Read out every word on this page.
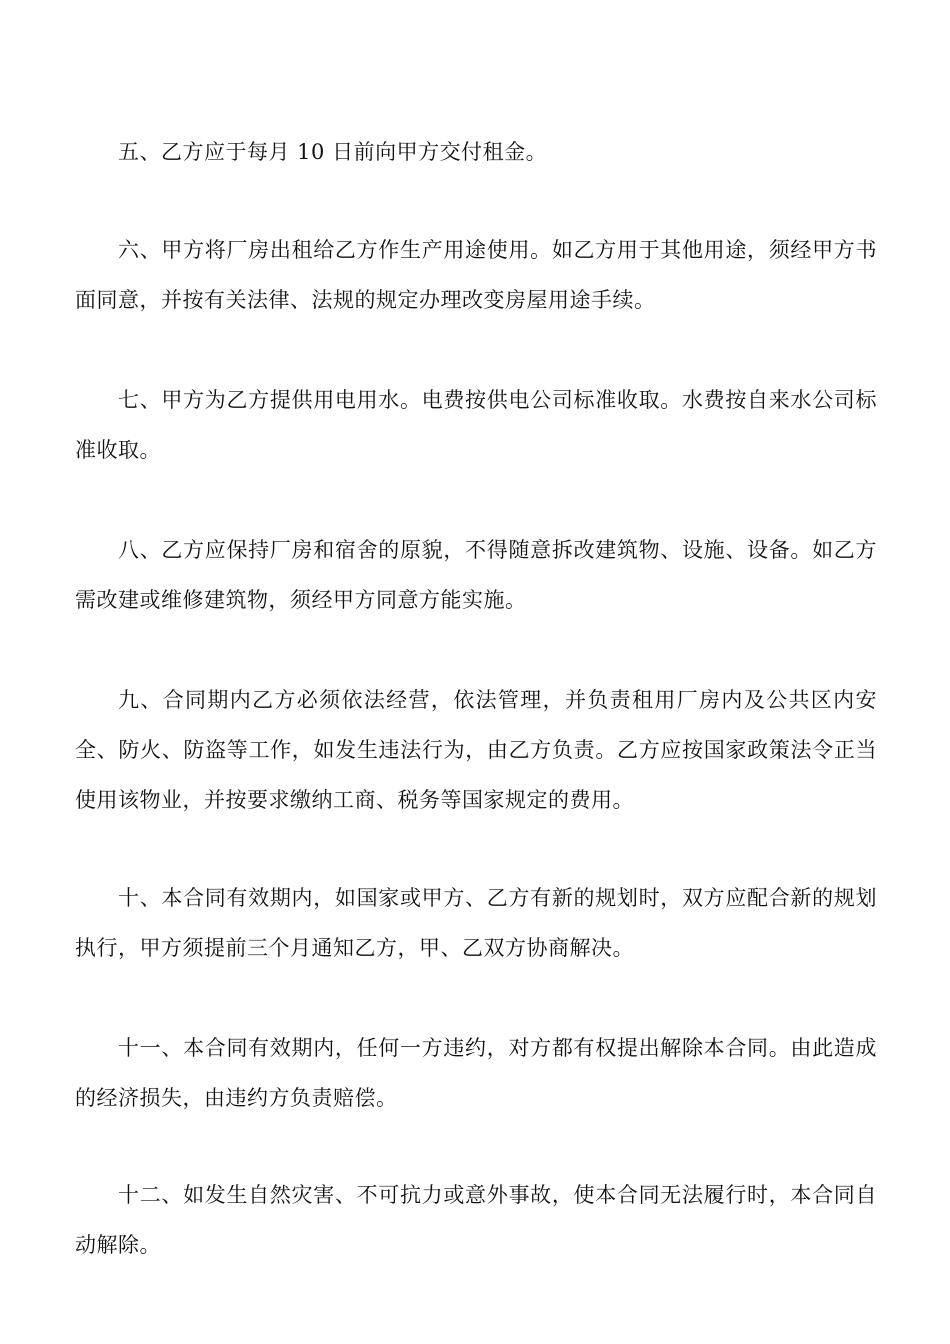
五、乙方应于每月 10 日前向甲方交付租金。

六、甲方将厂房出租给乙方作生产用途使用。如乙方用于其他用途，须经甲方书面同意，并按有关法律、法规的规定办理改变房屋用途手续。

七、甲方为乙方提供用电用水。电费按供电公司标准收取。水费按自来水公司标准收取。

八、乙方应保持厂房和宿舍的原貌，不得随意拆改建筑物、设施、设备。如乙方需改建或维修建筑物，须经甲方同意方能实施。

九、合同期内乙方必须依法经营，依法管理，并负责租用厂房内及公共区内安全、防火、防盗等工作，如发生违法行为，由乙方负责。乙方应按国家政策法令正当使用该物业，并按要求缴纳工商、税务等国家规定的费用。

十、本合同有效期内，如国家或甲方、乙方有新的规划时，双方应配合新的规划执行，甲方须提前三个月通知乙方，甲、乙双方协商解决。

十一、本合同有效期内，任何一方违约，对方都有权提出解除本合同。由此造成的经济损失，由违约方负责赔偿。

十二、如发生自然灾害、不可抗力或意外事故，使本合同无法履行时，本合同自动解除。
